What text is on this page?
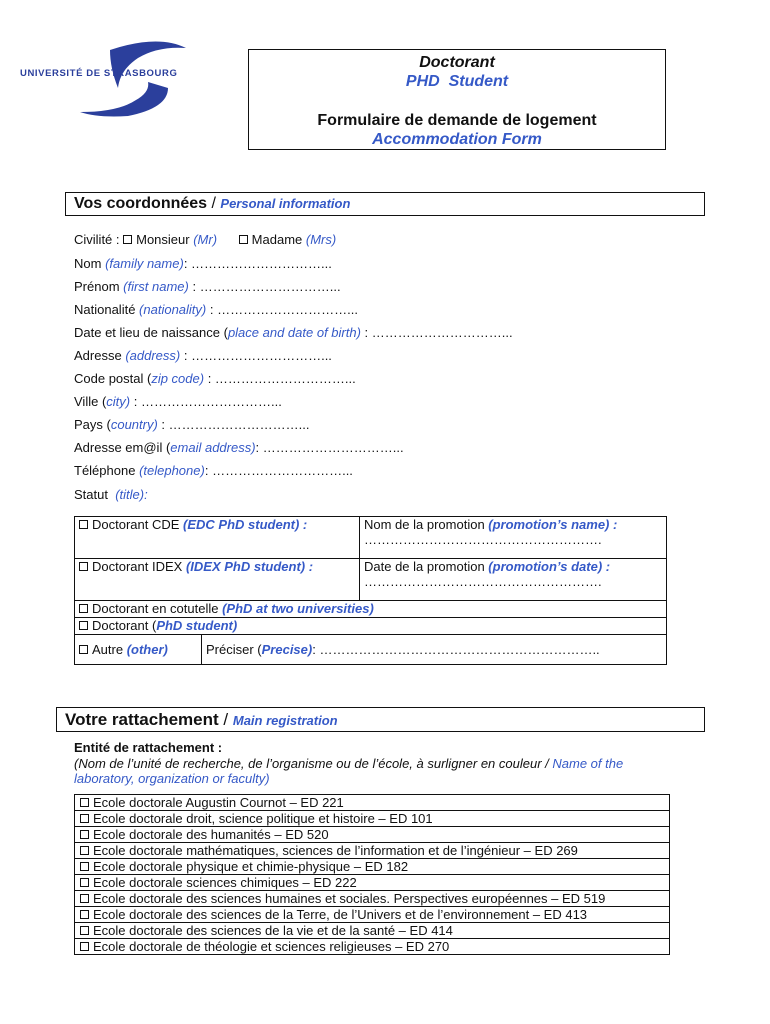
UNIVERSITÉ DE STRASBOURG
Doctorant
PHD  Student
Formulaire de demande de logement
Accommodation Form
Vos coordonnées / Personal information
Civilité : Monsieur (Mr)	Madame (Mrs)
Nom (family name): …………………………...
Prénom (first name) : …………………………...
Nationalité (nationality) : …………………………...
Date et lieu de naissance (place and date of birth) : …………………………...
Adresse (address) : …………………………...
Code postal (zip code) : …………………………...
Ville (city) : …………………………...
Pays (country) : …………………………...
Adresse em@il (email address): …………………………...
Téléphone (telephone): …………………………...
Statut  (title):
Doctorant CDE (EDC PhD student) :	Nom de la promotion (promotion’s name) :
……………………………………………….
Doctorant IDEX (IDEX PhD student) :	Date de la promotion (promotion’s date) :
……………………………………………….
Doctorant en cotutelle (PhD at two universities)
Doctorant (PhD student)
Autre (other)	Préciser (Precise): ………………………………………………………..
Votre rattachement / Main registration
Entité de rattachement :
(Nom de l’unité de recherche, de l’organisme ou de l’école, à surligner en couleur / Name of the
laboratory, organization or faculty)
Ecole doctorale Augustin Cournot – ED 221
Ecole doctorale droit, science politique et histoire – ED 101
Ecole doctorale des humanités – ED 520
Ecole doctorale mathématiques, sciences de l’information et de l’ingénieur – ED 269
Ecole doctorale physique et chimie-physique – ED 182
Ecole doctorale sciences chimiques – ED 222
Ecole doctorale des sciences humaines et sociales. Perspectives européennes – ED 519
Ecole doctorale des sciences de la Terre, de l’Univers et de l’environnement – ED 413
Ecole doctorale des sciences de la vie et de la santé – ED 414
Ecole doctorale de théologie et sciences religieuses – ED 270
